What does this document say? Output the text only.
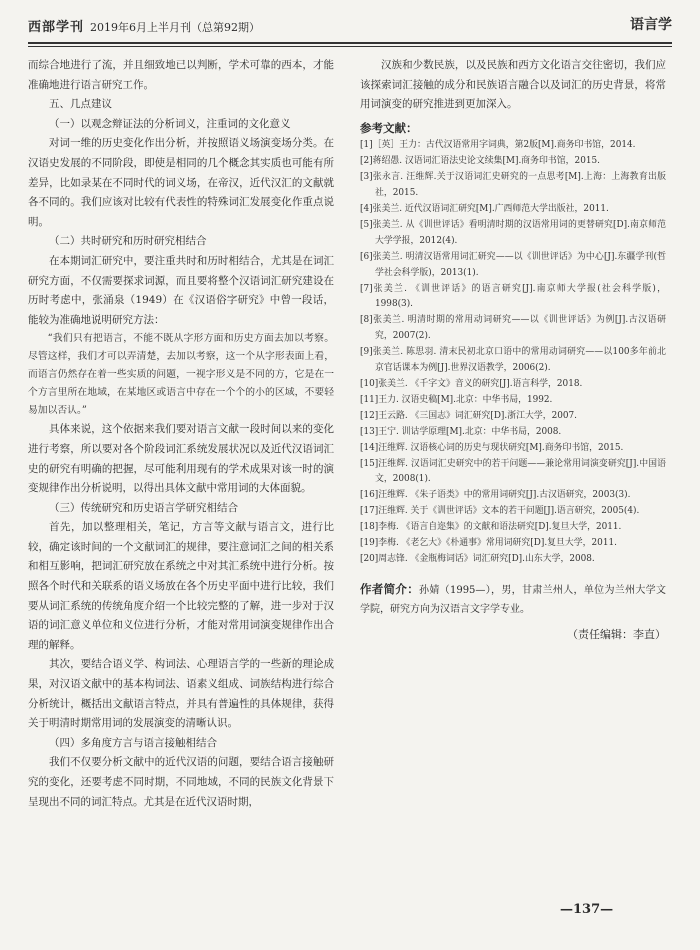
西部学刊 2019年6月上半月刊（总第92期）	语言学

而综合地进行了流，并且细致地已以判断，学术可靠的西本，才能准确地进行语言研究工作。

五、几点建议

（一）以观念辩证法的分析词义，注重词的文化意义

对词一维的历史变化作出分析，并按照语义场演变场分类。在汉语史发展的不同阶段，即使是相同的几个概念其实质也可能有所差异，比如录某在不同时代的词义场，在帝汉，近代汉汇的文献就各不同的。我们应该对比较有代表性的特殊词汇发展变化作重点说明。

（二）共时研究和历时研究相结合

在本期词汇研究中，要注重共时和历时相结合，尤其是在词汇研究方面，不仅需要探求词源，而且要将整个汉语词汇研究建设在历时考虑中，张涌泉（1949）在《汉语俗字研究》中曾一段话，能较为准确地说明研究方法：

“我们只有把语言，不能不既从字形方面和历史方面去加以考察。尽管这样，我们才可以弄清楚，去加以考察，这一个从字形表面上看，而语言仍然存在着一些实质的问题，一视字形义是不同的方，它是在一个方言里所在地域，在某地区或语言中存在一个个的小的区域，不要轻易加以否认。”

具体来说，这个依据来我们要对语言文献一段时间以来的变化进行考察，所以要对各个阶段词汇系统发展状况以及近代汉语词汇史的研究有明确的把握，尽可能利用现有的学术成果对该一时的演变规律作出分析说明，以得出具体文献中常用词的大体面貌。

（三）传统研究和历史语言学研究相结合

首先，加以整理相关，笔记，方言等文献与语言文，进行比较，确定该时间的一个文献词汇的规律，要注意词汇之间的相关系和相互影响，把词汇研究放在系统之中对其汇系统中进行分析。按照各个时代和关联系的语义场放在各个历史平面中进行比较，我们要从词汇系统的传统角度介绍一个比较完整的了解，进一步对于汉语的词汇意义单位和义位进行分析，才能对常用词演变规律作出合理的解释。

其次，要结合语义学、构词法、心理语言学的一些新的理论成果，对汉语文献中的基本构词法、语素义组成、词族结构进行综合分析统计，概括出文献语言特点，并具有普遍性的具体规律，获得关于明清时期常用词的发展演变的清晰认识。

（四）多角度方言与语言接触相结合

我们不仅要分析文献中的近代汉语的问题，要结合语言接触研究的变化，还要考虑不同时期，不同地域，不同的民族文化背景下呈现出不同的词汇特点。尤其是在近代汉语时期，

汉族和少数民族，以及民族和西方文化语言交往密切，我们应该探索词汇接触的成分和民族语言融合以及词汇的历史背景，将常用词演变的研究推进到更加深入。

参考文献：

[1]［英］王力：古代汉语常用字词典，第2版[M].商务印书馆，2014.

[2]蒋绍愚. 汉语词汇语法史论文续集[M].商务印书馆，2015.

[3]张永言. 汪维辉.关于汉语词汇史研究的一点思考[M].上海：上海教育出版社，2015.

[4]张美兰. 近代汉语词汇研究[M].广西师范大学出版社，2011.

[5]张美兰. 从《训世评话》看明清时期的汉语常用词的更替研究[D].南京师范大学学报，2012(4).

[6]张美兰. 明清汉语常用词汇研究——以《训世评话》为中心[J].东疆学刊(哲学社会科学版)，2013(1).

[7]张美兰. 《训世评话》的语言研究[J].南京师大学报(社会科学版)，1998(3).

[8]张美兰. 明清时期的常用动词研究——以《训世评话》为例[J].古汉语研究，2007(2).

[9]张美兰. 陈思羽. 清末民初北京口语中的常用动词研究——以100多年前北京官话课本为例[J].世界汉语教学，2006(2).

[10]张美兰. 《千字文》音义的研究[J].语言科学，2018.

[11]王力. 汉语史稿[M].北京：中华书局，1992.

[12]王云路. 《三国志》词汇研究[D].浙江大学，2007.

[13]王宁. 训诂学原理[M].北京：中华书局，2008.

[14]汪维辉. 汉语核心词的历史与现状研究[M].商务印书馆，2015.

[15]汪维辉. 汉语词汇史研究中的若干问题——兼论常用词演变研究[J].中国语文，2008(1).

[16]汪维辉. 《朱子语类》中的常用词研究[J].古汉语研究，2003(3).

[17]汪维辉. 关于《训世评话》文本的若干问题[J].语言研究，2005(4).

[18]李梅. 《语言自迩集》的文献和语法研究[D].复旦大学，2011.

[19]李梅. 《老乞大》《朴通事》常用词研究[D].复旦大学，2011.

[20]周志锋. 《金瓶梅词话》词汇研究[D].山东大学，2008.

作者简介：孙婧（1995—），男，甘肃兰州人，单位为兰州大学文学院，研究方向为汉语言文字学专业。

（责任编辑：李直）

—137—
